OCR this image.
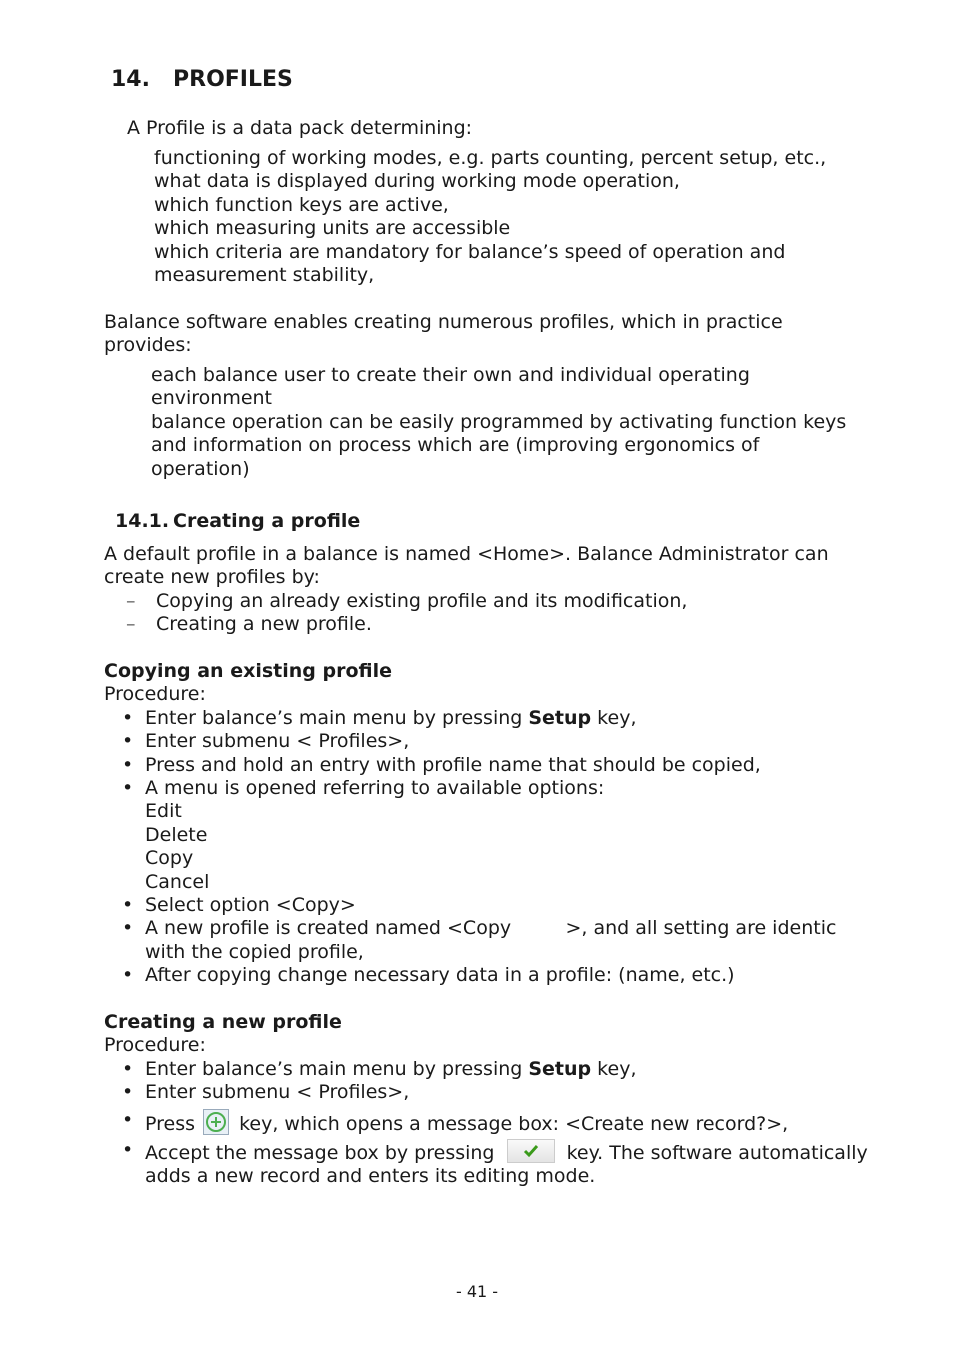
14. PROFILES
A Profile is a data pack determining:
functioning of working modes, e.g. parts counting, percent setup, etc.,
what data is displayed during working mode operation,
which function keys are active,
which measuring units are accessible
which criteria are mandatory for balance’s speed of operation and
measurement stability,
Balance software enables creating numerous profiles, which in practice
provides:
each balance user to create their own and individual operating
environment
balance operation can be easily programmed by activating function keys
and information on process which are (improving ergonomics of
operation)
14.1. Creating a profile
A default profile in a balance is named <Home>. Balance Administrator can
create new profiles by:
– Copying an already existing profile and its modification,
– Creating a new profile.
Copying an existing profile
Procedure:
• Enter balance’s main menu by pressing Setup key,
• Enter submenu < Profiles>,
• Press and hold an entry with profile name that should be copied,
• A menu is opened referring to available options:
Edit
Delete
Copy
Cancel
• Select option <Copy>
• A new profile is created named <Copy         >, and all setting are identic
with the copied profile,
• After copying change necessary data in a profile: (name, etc.)
Creating a new profile
Procedure:
• Enter balance’s main menu by pressing Setup key,
• Enter submenu < Profiles>,
• Press  key, which opens a message box: <Create new record?>,
• Accept the message box by pressing	key. The software automatically
adds a new record and enters its editing mode.
- 41 -
